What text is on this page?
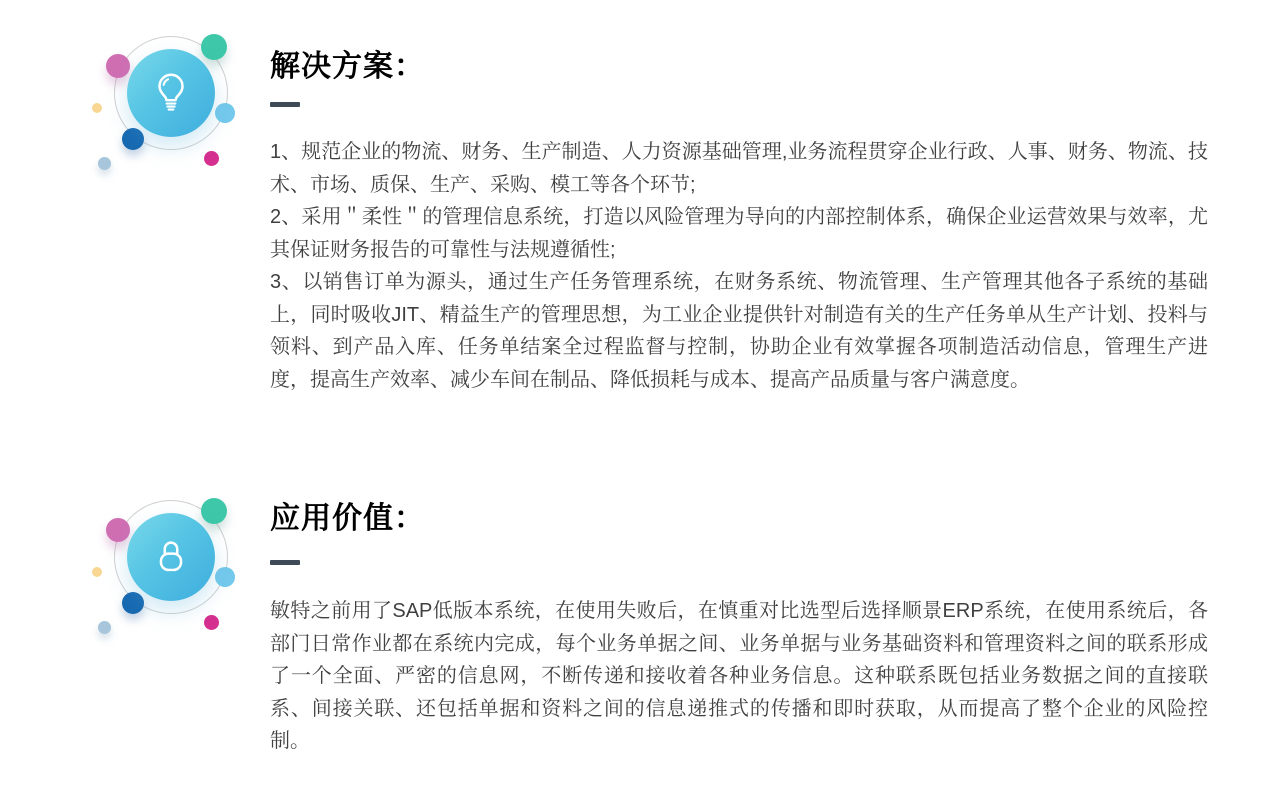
解决方案：

1、规范企业的物流、财务、生产制造、人力资源基础管理,业务流程贯穿企业行政、人事、财务、物流、技术、市场、质保、生产、采购、模工等各个环节;

2、采用＂柔性＂的管理信息系统，打造以风险管理为导向的内部控制体系，确保企业运营效果与效率，尤其保证财务报告的可靠性与法规遵循性;

3、以销售订单为源头，通过生产任务管理系统，在财务系统、物流管理、生产管理其他各子系统的基础上，同时吸收JIT、精益生产的管理思想，为工业企业提供针对制造有关的生产任务单从生产计划、投料与领料、到产品入库、任务单结案全过程监督与控制，协助企业有效掌握各项制造活动信息，管理生产进度，提高生产效率、减少车间在制品、降低损耗与成本、提高产品质量与客户满意度。

应用价值：

敏特之前用了SAP低版本系统，在使用失败后，在慎重对比选型后选择顺景ERP系统，在使用系统后，各部门日常作业都在系统内完成，每个业务单据之间、业务单据与业务基础资料和管理资料之间的联系形成了一个全面、严密的信息网，不断传递和接收着各种业务信息。这种联系既包括业务数据之间的直接联系、间接关联、还包括单据和资料之间的信息递推式的传播和即时获取，从而提高了整个企业的风险控制。
